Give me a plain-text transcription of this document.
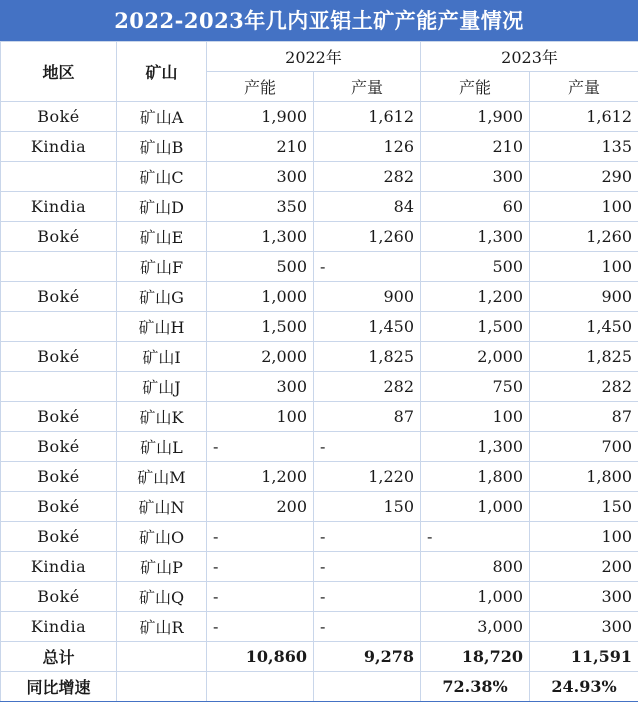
2022-2023年几内亚铝土矿产能产量情况
地区	矿山	2022年		2023年	
		产能	产量	产能	产量
Boké	矿山A	1,900	1,612	1,900	1,612
Kindia	矿山B	210	126	210	135
	矿山C	300	282	300	290
Kindia	矿山D	350	84	60	100
Boké	矿山E	1,300	1,260	1,300	1,260
	矿山F	500	-	500	100
Boké	矿山G	1,000	900	1,200	900
	矿山H	1,500	1,450	1,500	1,450
Boké	矿山I	2,000	1,825	2,000	1,825
	矿山J	300	282	750	282
Boké	矿山K	100	87	100	87
Boké	矿山L	-	-	1,300	700
Boké	矿山M	1,200	1,220	1,800	1,800
Boké	矿山N	200	150	1,000	150
Boké	矿山O	-	-	-	100
Kindia	矿山P	-	-	800	200
Boké	矿山Q	-	-	1,000	300
Kindia	矿山R	-	-	3,000	300
总计		10,860	9,278	18,720	11,591
同比增速				72.38%	24.93%
